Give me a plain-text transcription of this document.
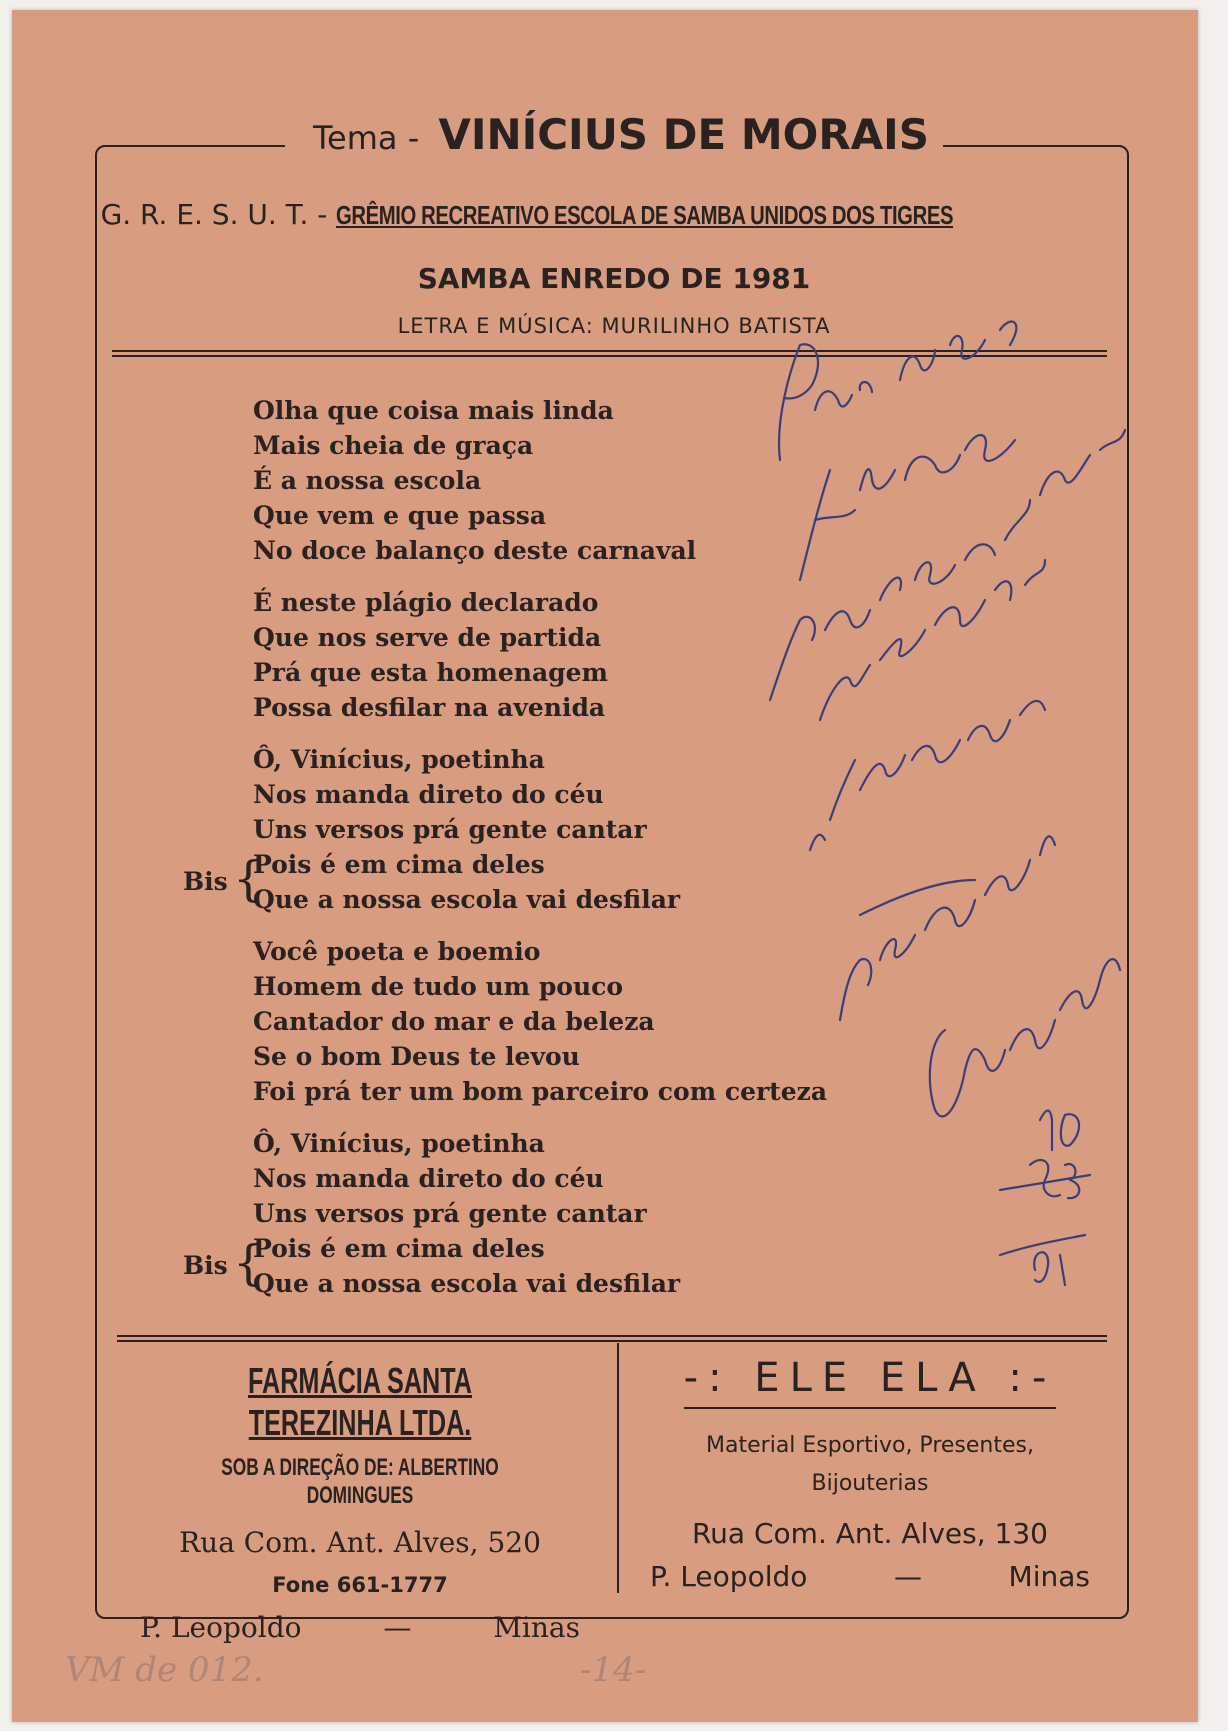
Tema - VINÍCIUS DE MORAIS
G. R. E. S. U. T. - GRÊMIO RECREATIVO ESCOLA DE SAMBA UNIDOS DOS TIGRES
SAMBA ENREDO DE 1981
LETRA E MÚSICA: MURILINHO BATISTA
Olha que coisa mais linda
Mais cheia de graça
É a nossa escola
Que vem e que passa
No doce balanço deste carnaval
É neste plágio declarado
Que nos serve de partida
Prá que esta homenagem
Possa desfilar na avenida
Ô, Vinícius, poetinha
Nos manda direto do céu
Uns versos prá gente cantar
Bis {
Pois é em cima deles
Que a nossa escola vai desfilar
Você poeta e boemio
Homem de tudo um pouco
Cantador do mar e da beleza
Se o bom Deus te levou
Foi prá ter um bom parceiro com certeza
Ô, Vinícius, poetinha
Nos manda direto do céu
Uns versos prá gente cantar
Bis {
Pois é em cima deles
Que a nossa escola vai desfilar
FARMÁCIA SANTA TEREZINHA LTDA.
SOB A DIREÇÃO DE: ALBERTINO DOMINGUES
Rua Com. Ant. Alves, 520
Fone 661-1777
P. Leopoldo	—	Minas
-: ELE ELA :-
Material Esportivo, Presentes,
Bijouterias
Rua Com. Ant. Alves, 130
P. Leopoldo	—	Minas
VM de 012.	-14-
